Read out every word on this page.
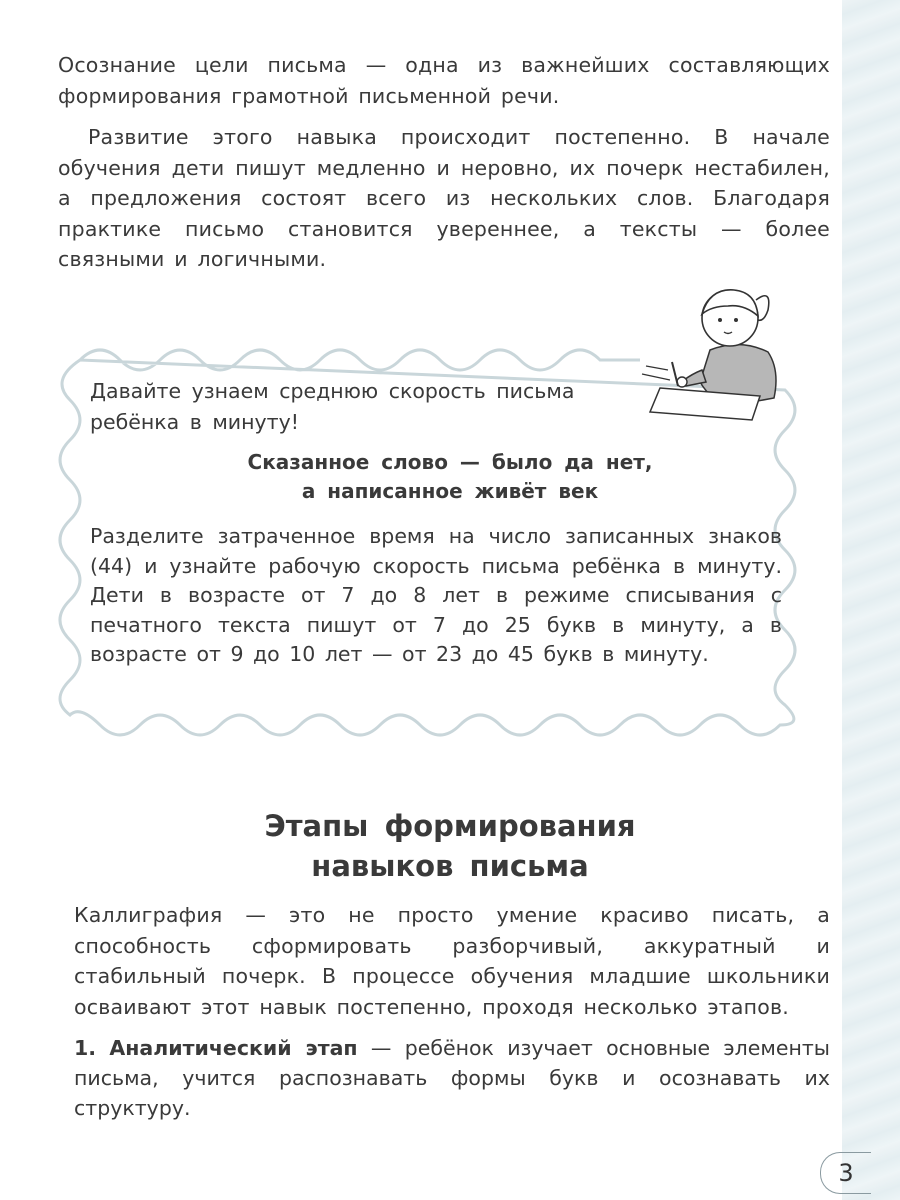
Осознание цели письма — одна из важнейших составляющих формирования грамотной письменной речи.

Развитие этого навыка происходит постепенно. В начале обучения дети пишут медленно и неровно, их почерк нестабилен, а предложения состоят всего из нескольких слов. Благодаря практике письмо становится увереннее, а тексты — более связными и логичными.

Давайте узнаем среднюю скорость письма ребёнка в минуту!

Сказанное слово — было да нет,
а написанное живёт век

Разделите затраченное время на число записанных знаков (44) и узнайте рабочую скорость письма ребёнка в минуту. Дети в возрасте от 7 до 8 лет в режиме списывания с печатного текста пишут от 7 до 25 букв в минуту, а в возрасте от 9 до 10 лет — от 23 до 45 букв в минуту.

Этапы формирования
навыков письма

Каллиграфия — это не просто умение красиво писать, а способность сформировать разборчивый, аккуратный и стабильный почерк. В процессе обучения младшие школьники осваивают этот навык постепенно, проходя несколько этапов.

1. Аналитический этап — ребёнок изучает основные элементы письма, учится распознавать формы букв и осознавать их структуру.

3
